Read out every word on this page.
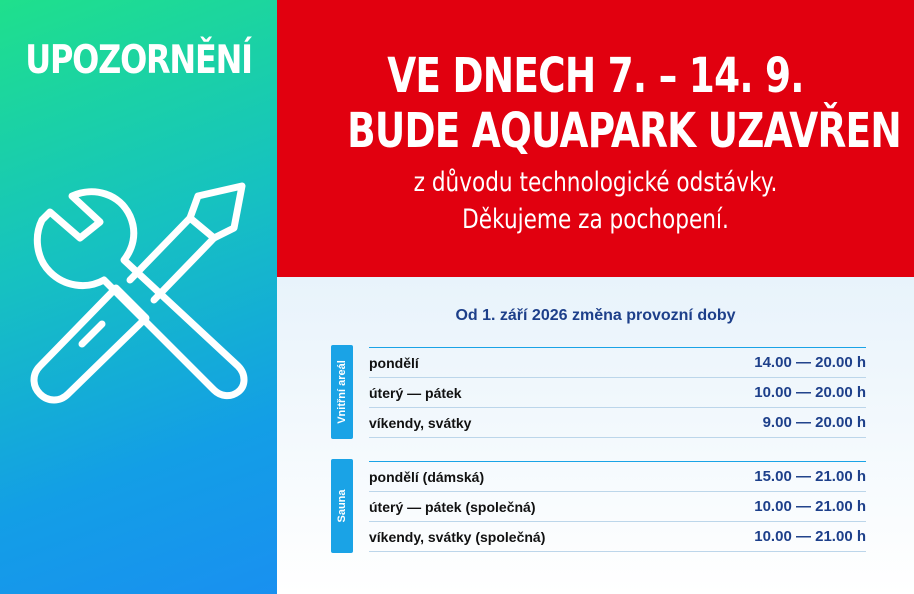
UPOZORNĚNÍ	VE DNECH 7. – 14. 9.
BUDE AQUAPARK UZAVŘEN
z důvodu technologické odstávky.
Děkujeme za pochopení.
Od 1. září 2026 změna provozní doby
Vnitřní areál pondělí	14.00 — 20.00 h
úterý — pátek	10.00 — 20.00 h
víkendy, svátky	9.00 — 20.00 h
Sauna
pondělí (dámská)	15.00 — 21.00 h
úterý — pátek (společná)	10.00 — 21.00 h
víkendy, svátky (společná)	10.00 — 21.00 h
